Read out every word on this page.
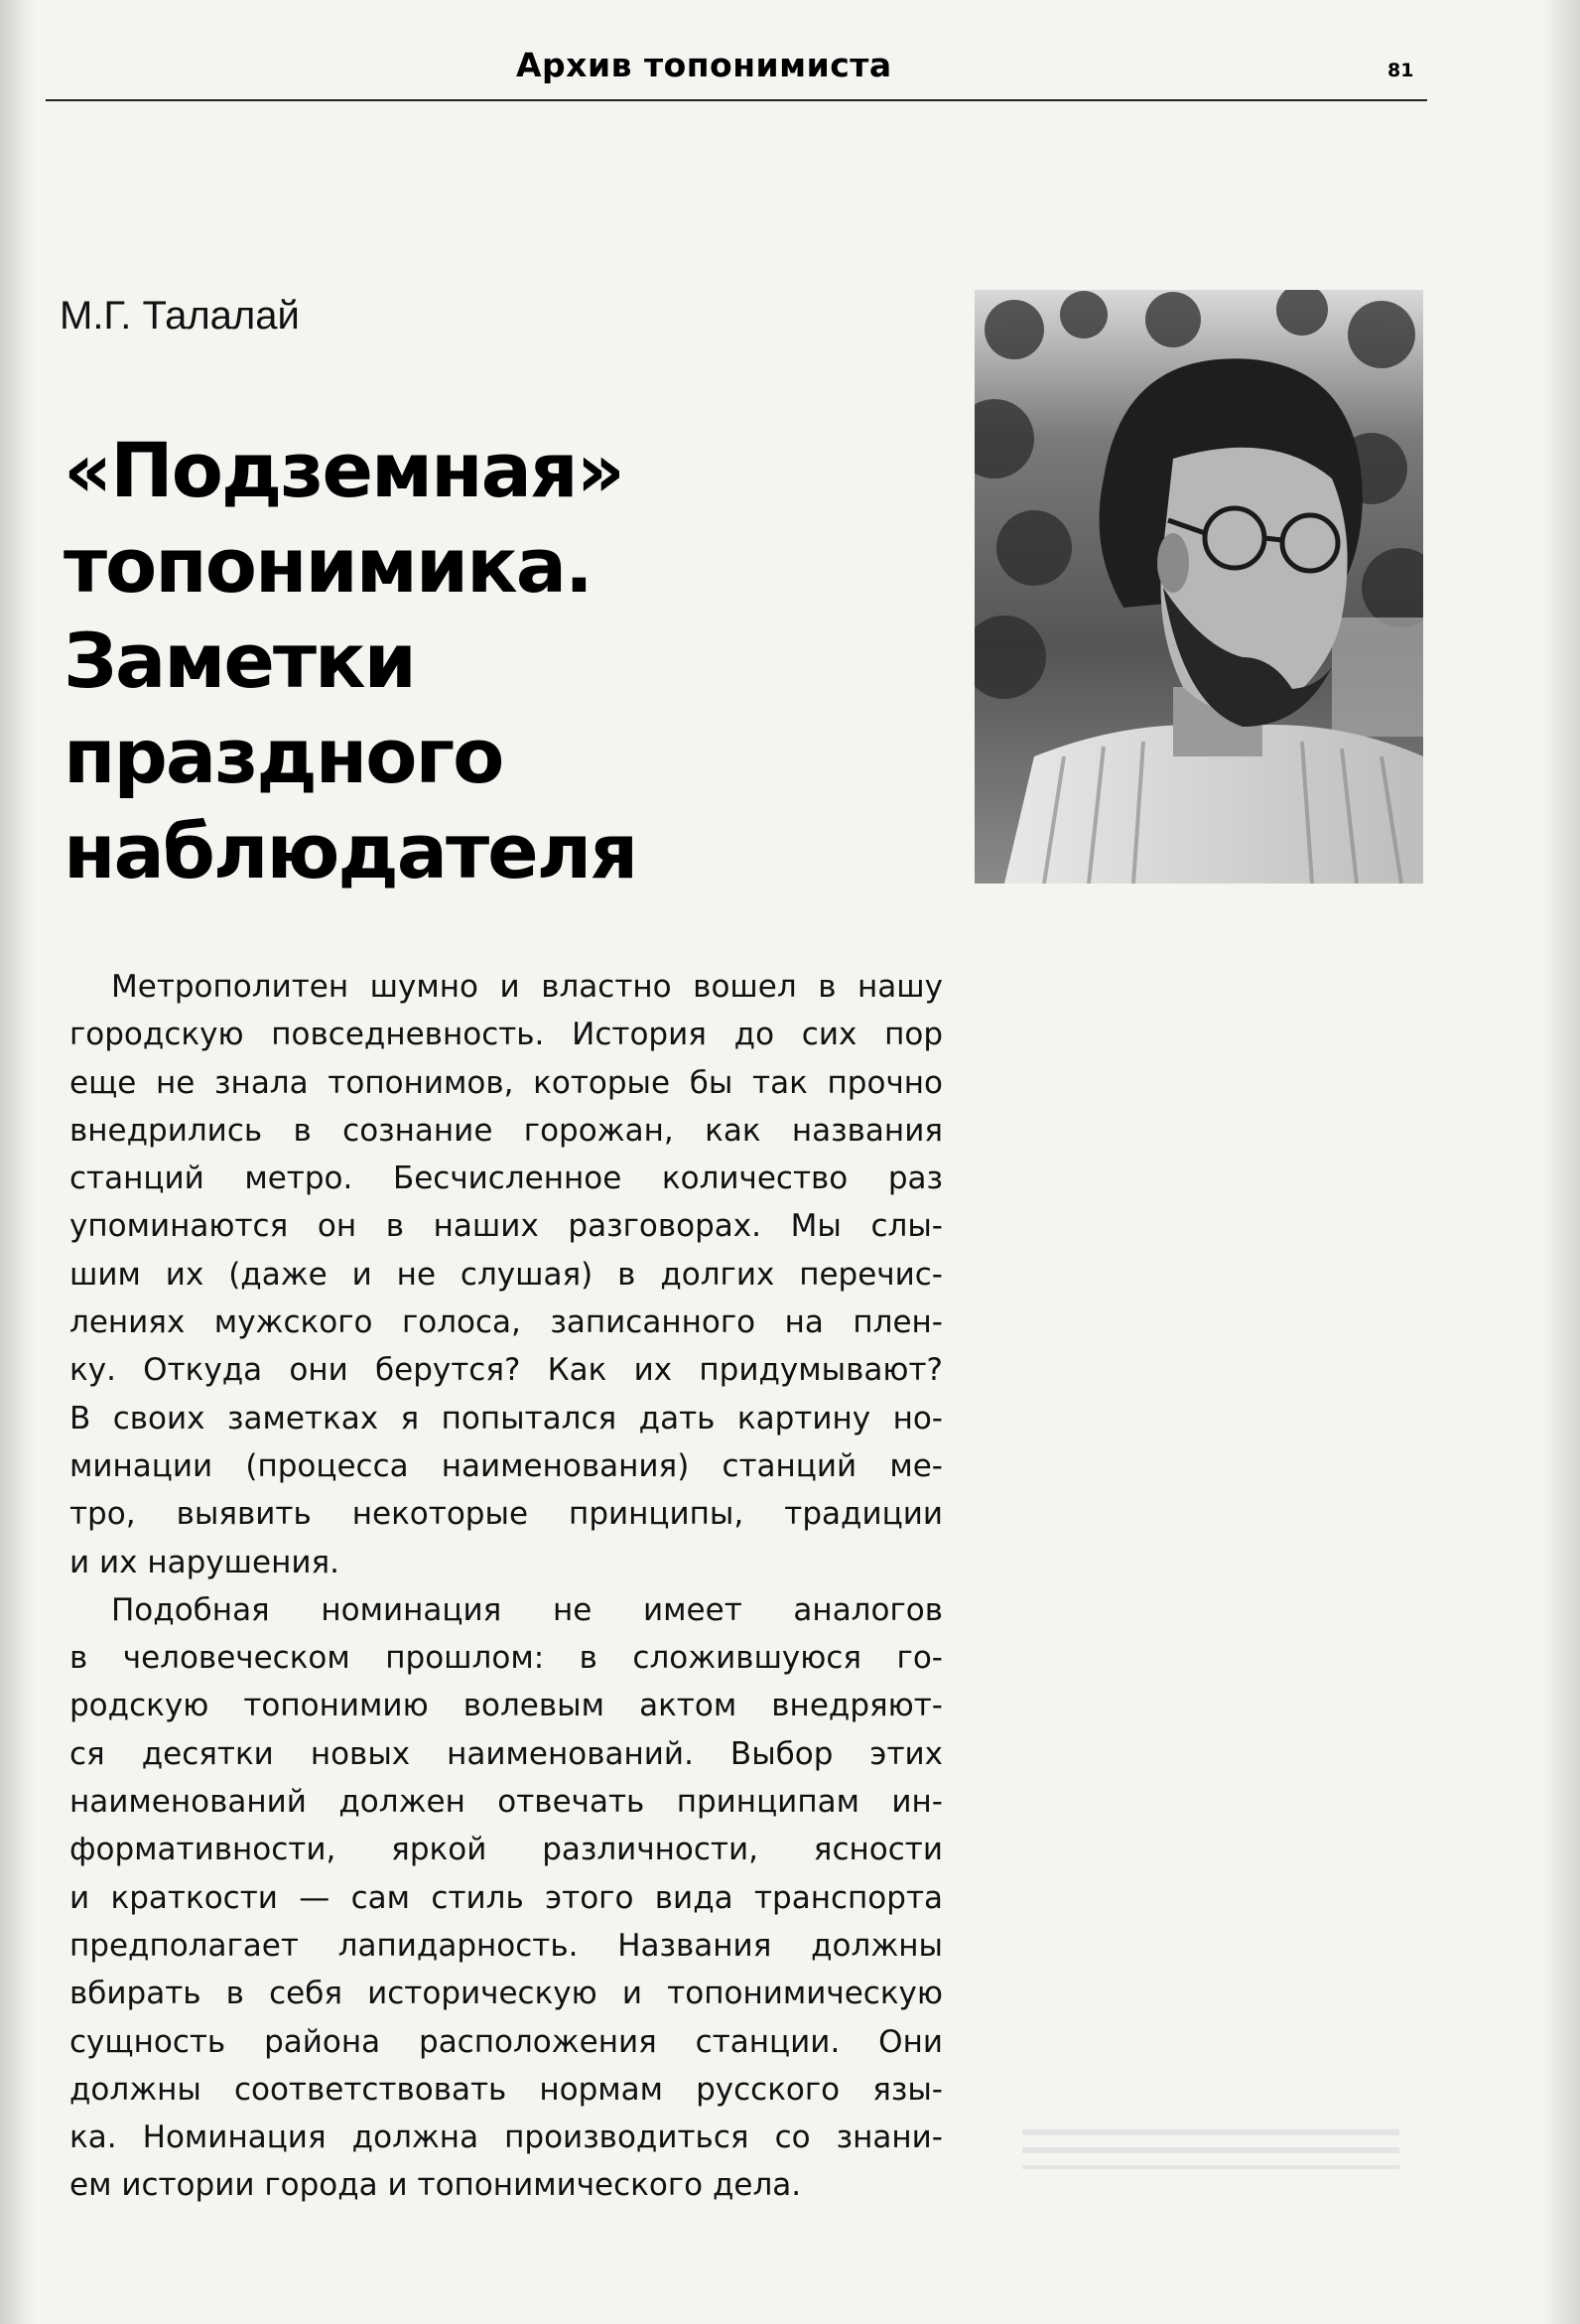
Архив топонимиста	81
М.Г. Талалай
«Подземная»
топонимика.
Заметки
праздного
наблюдателя
Метрополитен шумно и властно вошел в нашу
городскую повседневность. История до сих пор
еще не знала топонимов, которые бы так прочно
внедрились в сознание горожан, как названия
станций метро. Бесчисленное количество раз
упоминаются он в наших разговорах. Мы слы-
шим их (даже и не слушая) в долгих перечис-
лениях мужского голоса, записанного на плен-
ку. Откуда они берутся? Как их придумывают?
В своих заметках я попытался дать картину но-
минации (процесса наименования) станций ме-
тро, выявить некоторые принципы, традиции
и их нарушения.
Подобная номинация не имеет аналогов
в человеческом прошлом: в сложившуюся го-
родскую топонимию волевым актом внедряют-
ся десятки новых наименований. Выбор этих
наименований должен отвечать принципам ин-
формативности, яркой различности, ясности
и краткости — сам стиль этого вида транспорта
предполагает лапидарность. Названия должны
вбирать в себя историческую и топонимическую
сущность района расположения станции. Они
должны соответствовать нормам русского язы-
ка. Номинация должна производиться со знани-
ем истории города и топонимического дела.
